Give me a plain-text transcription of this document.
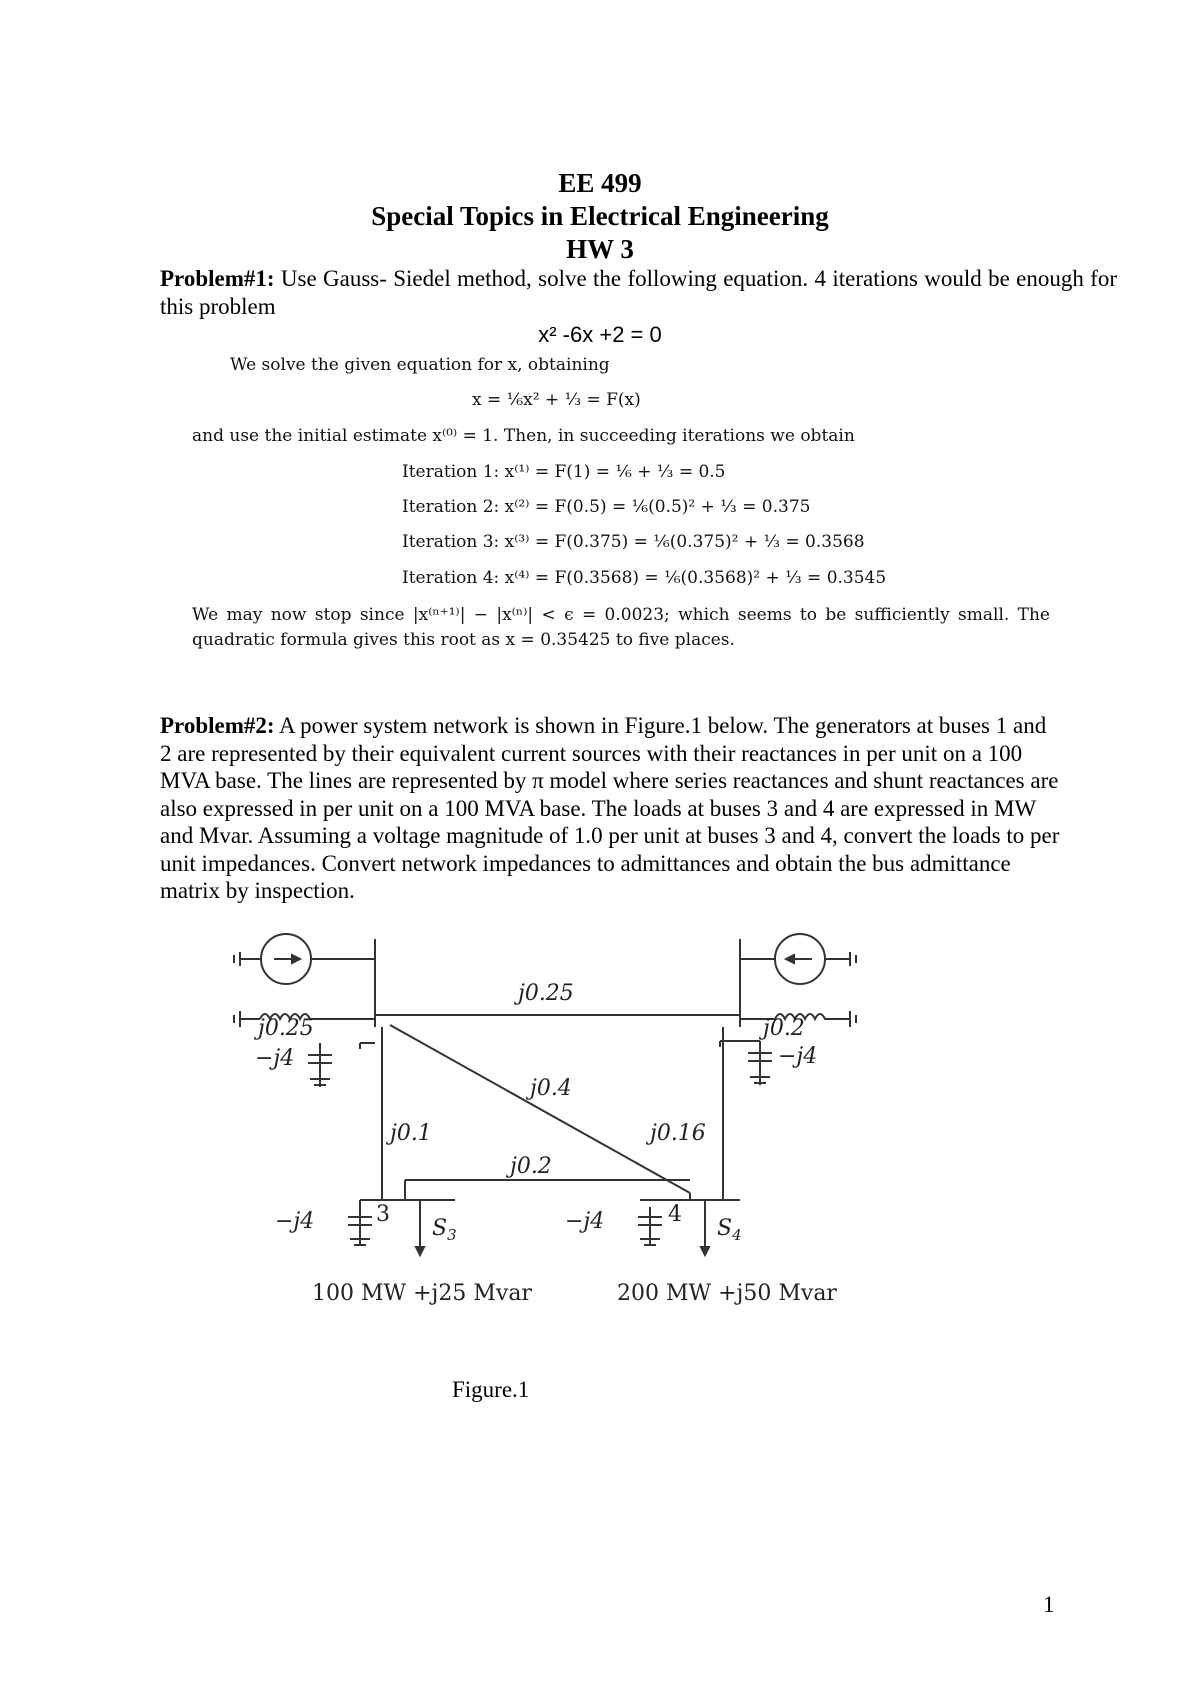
EE 499
Special Topics in Electrical Engineering
HW 3
Problem#1: Use Gauss- Siedel method, solve the following equation. 4 iterations would be enough for this problem
x² -6x +2 = 0
We solve the given equation for x, obtaining
x = ⅙x² + ⅓ = F(x)
and use the initial estimate x⁽⁰⁾ = 1. Then, in succeeding iterations we obtain
Iteration 1: x⁽¹⁾ = F(1) = ⅙ + ⅓ = 0.5
Iteration 2: x⁽²⁾ = F(0.5) = ⅙(0.5)² + ⅓ = 0.375
Iteration 3: x⁽³⁾ = F(0.375) = ⅙(0.375)² + ⅓ = 0.3568
Iteration 4: x⁽⁴⁾ = F(0.3568) = ⅙(0.3568)² + ⅓ = 0.3545
We may now stop since |x⁽ⁿ⁺¹⁾| − |x⁽ⁿ⁾| < ϵ = 0.0023; which seems to be sufficiently small. The quadratic formula gives this root as x = 0.35425 to five places.
Problem#2: A power system network is shown in Figure.1 below. The generators at buses 1 and 2 are represented by their equivalent current sources with their reactances in per unit on a 100 MVA base. The lines are represented by π model where series reactances and shunt reactances are also expressed in per unit on a 100 MVA base. The loads at buses 3 and 4 are expressed in MW and Mvar. Assuming a voltage magnitude of 1.0 per unit at buses 3 and 4, convert the loads to per unit impedances. Convert network impedances to admittances and obtain the bus admittance matrix by inspection.
j0.25
j0.25	j0.2
−j4	−j4
j0.4
j0.1	j0.16
j0.2
−j4	3
$S_3$
−j4	4
$S_4$
100 MW +j25 Mvar	200 MW +j50 Mvar
Figure.1
1
